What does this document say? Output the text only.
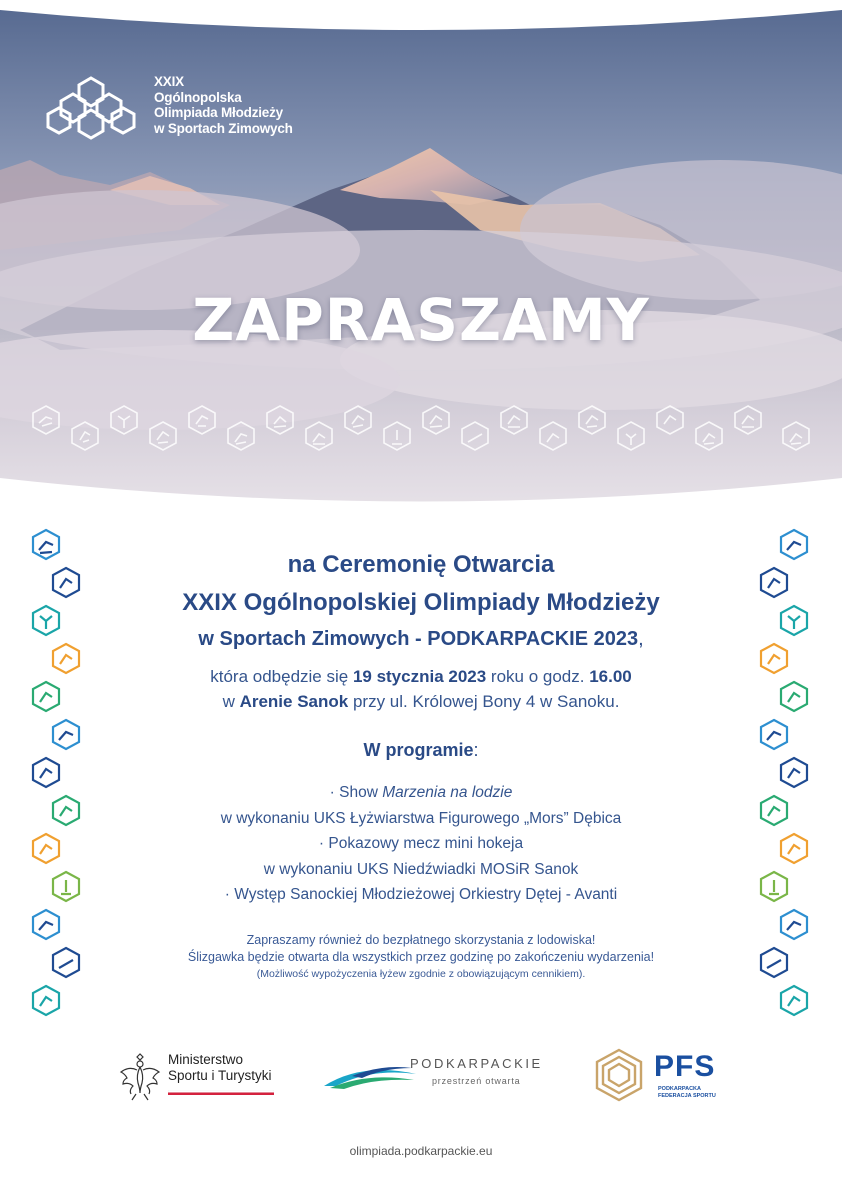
XXIX
Ogólnopolska
Olimpiada Młodzieży
w Sportach Zimowych
ZAPRASZAMY
na Ceremonię Otwarcia
XXIX Ogólnopolskiej Olimpiady Młodzieży
w Sportach Zimowych - PODKARPACKIE 2023,
która odbędzie się 19 stycznia 2023 roku o godz. 16.00
w Arenie Sanok przy ul. Królowej Bony 4 w Sanoku.
W programie:
· Show Marzenia na lodzie
w wykonaniu UKS Łyżwiarstwa Figurowego „Mors” Dębica
· Pokazowy mecz mini hokeja
w wykonaniu UKS Niedźwiadki MOSiR Sanok
· Występ Sanockiej Młodzieżowej Orkiestry Dętej - Avanti
Zapraszamy również do bezpłatnego skorzystania z lodowiska!
Ślizgawka będzie otwarta dla wszystkich przez godzinę po zakończeniu wydarzenia!
(Możliwość wypożyczenia łyżew zgodnie z obowiązującym cennikiem).
Ministerstwo
Sportu i Turystyki
PODKARPACKIE
przestrzeń otwarta	PFS
PODKARPACKA
FEDERACJA SPORTU
olimpiada.podkarpackie.eu
